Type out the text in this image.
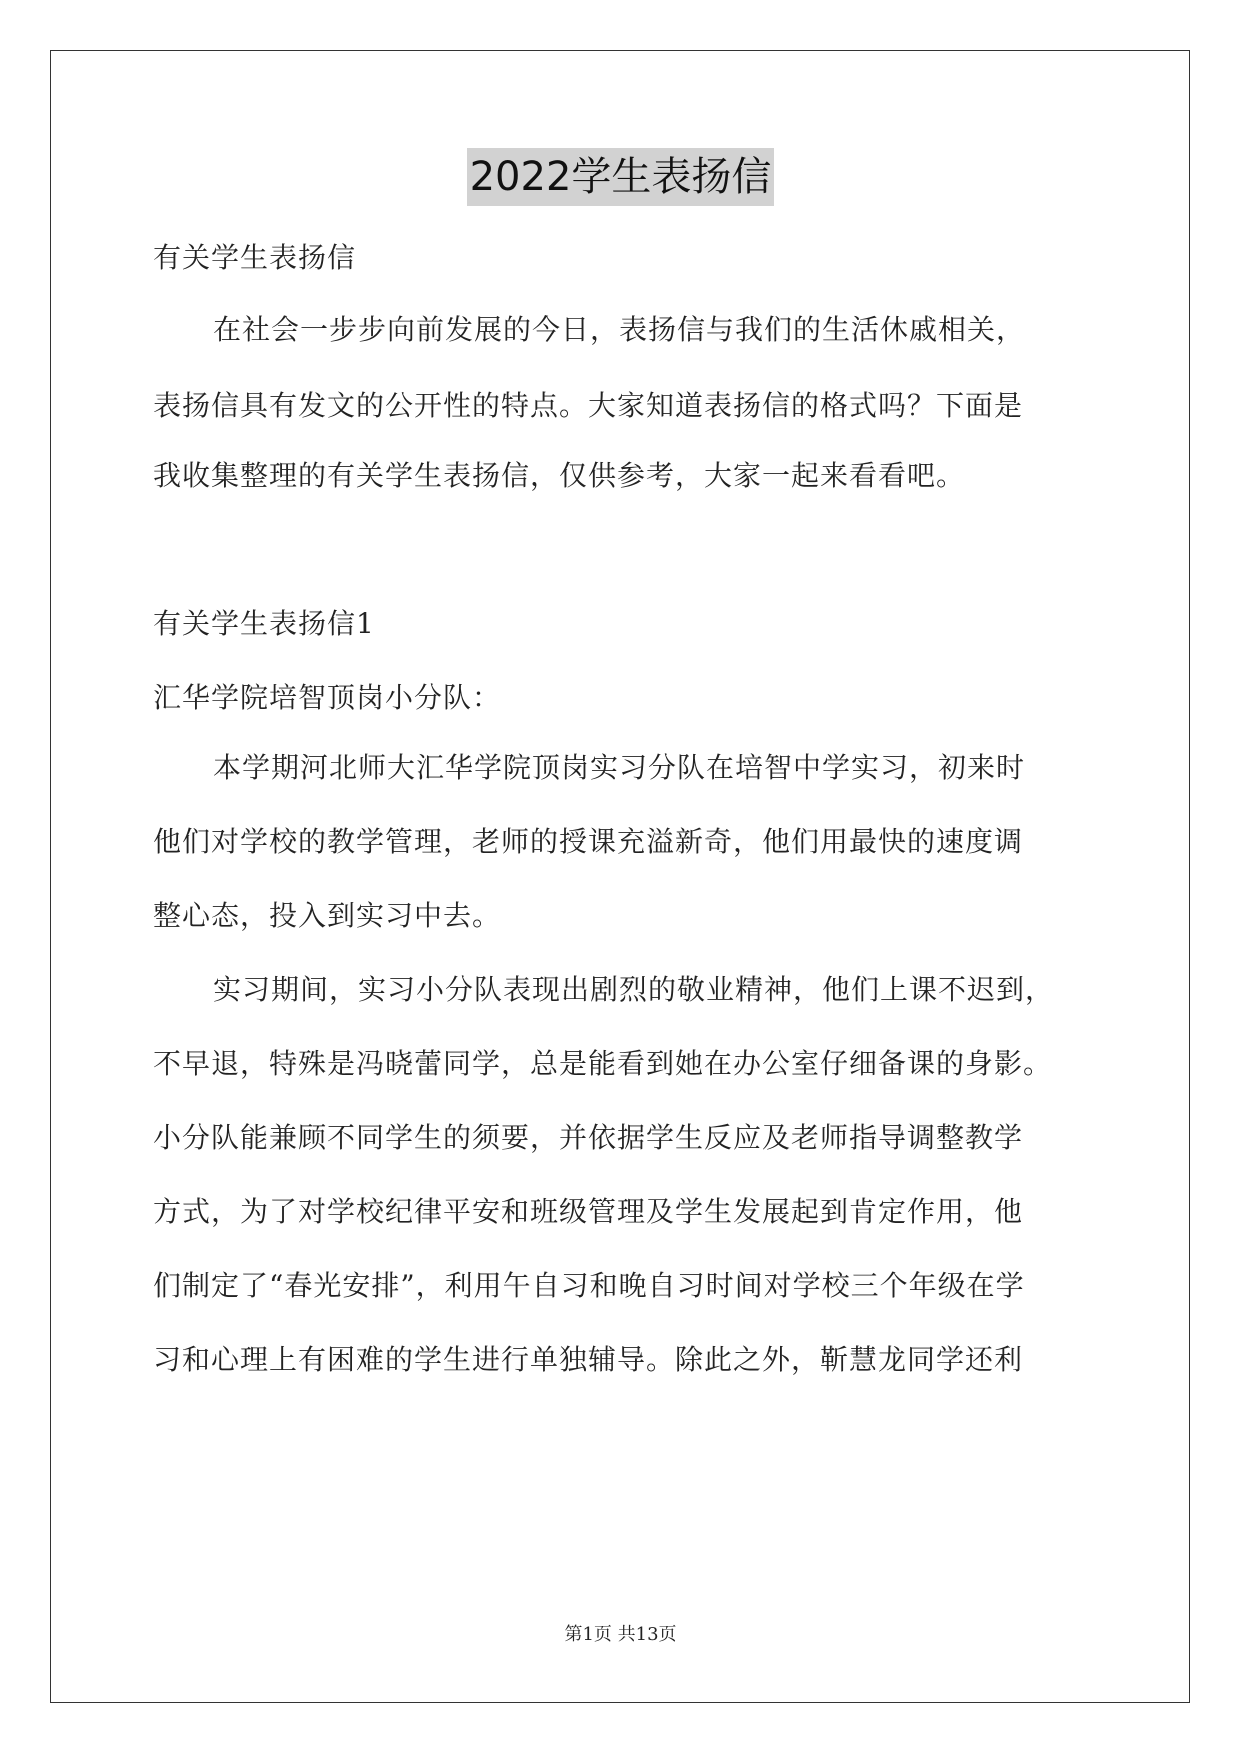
2022学生表扬信
有关学生表扬信
在社会一步步向前发展的今日，表扬信与我们的生活休戚相关，
表扬信具有发文的公开性的特点。大家知道表扬信的格式吗？下面是
我收集整理的有关学生表扬信，仅供参考，大家一起来看看吧。
有关学生表扬信1
汇华学院培智顶岗小分队：
本学期河北师大汇华学院顶岗实习分队在培智中学实习，初来时
他们对学校的教学管理，老师的授课充溢新奇，他们用最快的速度调
整心态，投入到实习中去。
实习期间，实习小分队表现出剧烈的敬业精神，他们上课不迟到，
不早退，特殊是冯晓蕾同学，总是能看到她在办公室仔细备课的身影。
小分队能兼顾不同学生的须要，并依据学生反应及老师指导调整教学
方式，为了对学校纪律平安和班级管理及学生发展起到肯定作用，他
们制定了“春光安排”，利用午自习和晚自习时间对学校三个年级在学
习和心理上有困难的学生进行单独辅导。除此之外，靳慧龙同学还利
第1页 共13页
